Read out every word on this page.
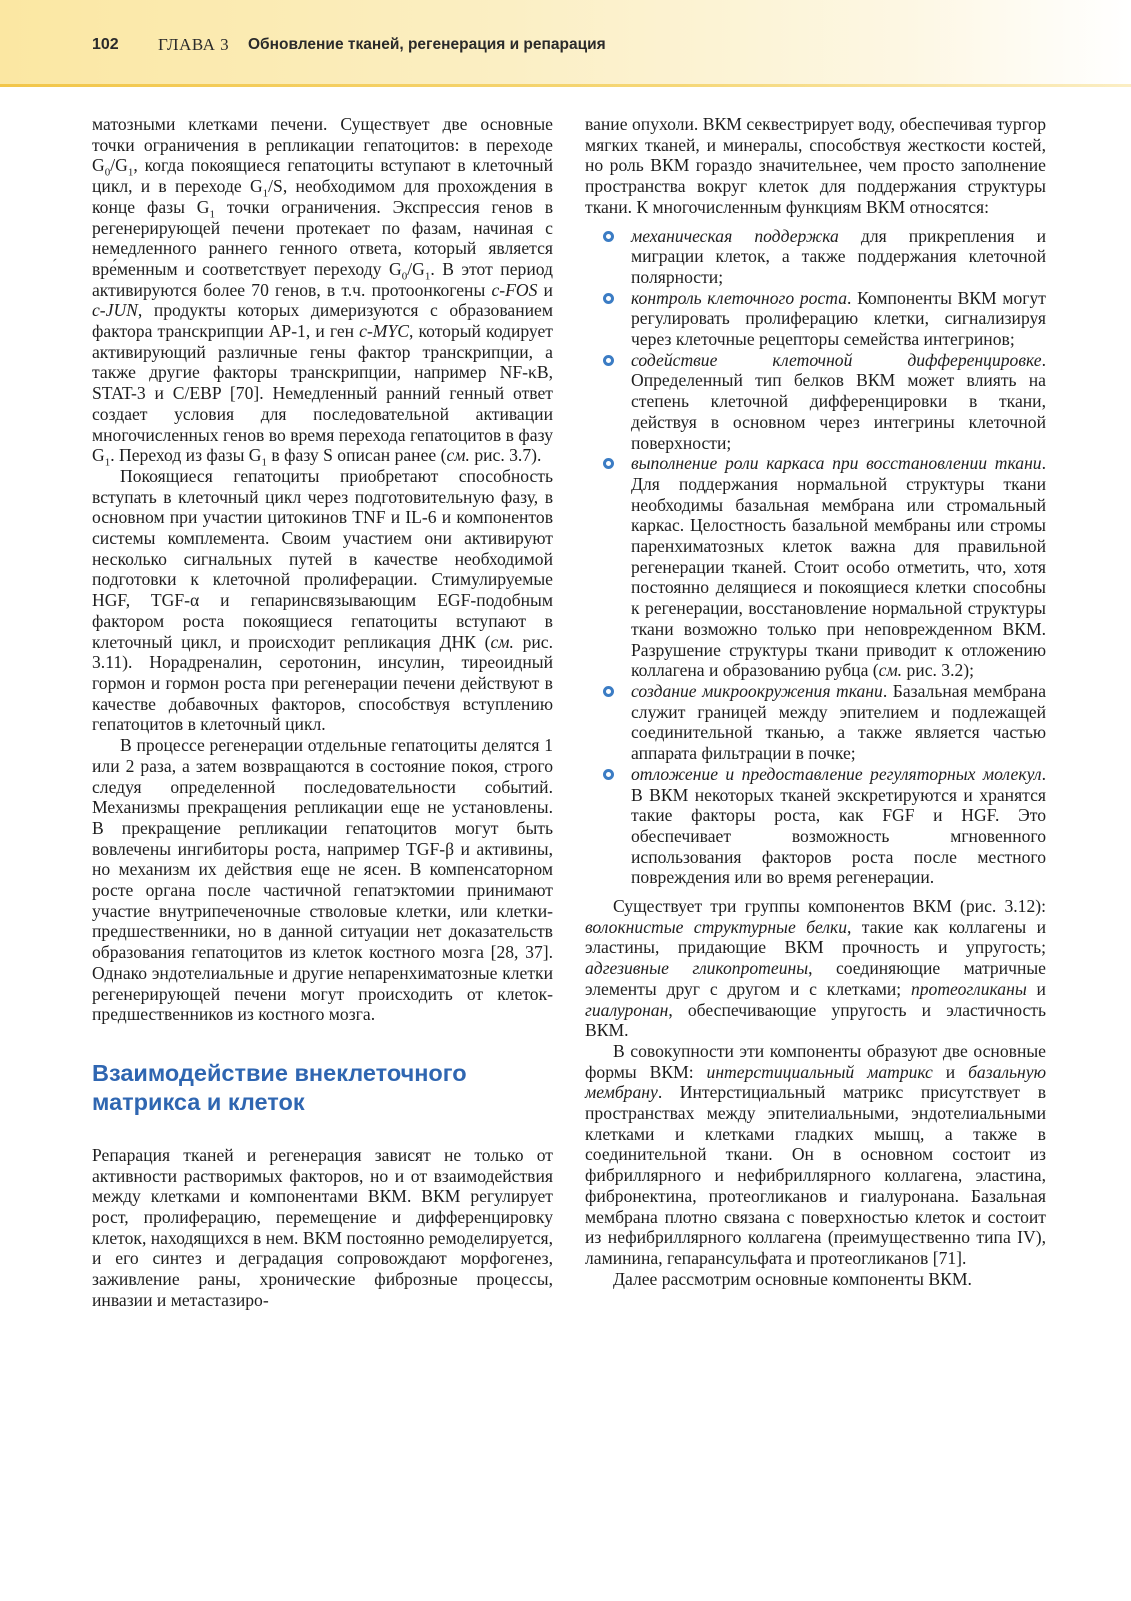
102 ГЛАВА 3 Обновление тканей, регенерация и репарация

матозными клетками печени. Существует две основные точки ограничения в репликации гепатоцитов: в переходе $G_0/G_1$, когда покоящиеся гепатоциты вступают в клеточный цикл, и в переходе $G_1/S$, необходимом для прохождения в конце фазы $G_1$ точки ограничения. Экспрессия генов в регенерирующей печени протекает по фазам, начиная с немедленного раннего генного ответа, который является вре́менным и соответствует переходу $G_0/G_1$. В этот период активируются более 70 генов, в т.ч. протоонкогены c-FOS и c-JUN, продукты которых димеризуются с образованием фактора транскрипции AP-1, и ген c-MYC, который кодирует активирующий различные гены фактор транскрипции, а также другие факторы транскрипции, например NF-κB, STAT-3 и C/EBP [70]. Немедленный ранний генный ответ создает условия для последовательной активации многочисленных генов во время перехода гепатоцитов в фазу $G_1$. Переход из фазы $G_1$ в фазу S описан ранее (см. рис. 3.7).

Покоящиеся гепатоциты приобретают способность вступать в клеточный цикл через подготовительную фазу, в основном при участии цитокинов TNF и IL-6 и компонентов системы комплемента. Своим участием они активируют несколько сигнальных путей в качестве необходимой подготовки к клеточной пролиферации. Стимулируемые HGF, TGF-α и гепаринсвязывающим EGF-подобным фактором роста покоящиеся гепатоциты вступают в клеточный цикл, и происходит репликация ДНК (см. рис. 3.11). Норадреналин, серотонин, инсулин, тиреоидный гормон и гормон роста при регенерации печени действуют в качестве добавочных факторов, способствуя вступлению гепатоцитов в клеточный цикл.

В процессе регенерации отдельные гепатоциты делятся 1 или 2 раза, а затем возвращаются в состояние покоя, строго следуя определенной последовательности событий. Механизмы прекращения репликации еще не установлены. В прекращение репликации гепатоцитов могут быть вовлечены ингибиторы роста, например TGF-β и активины, но механизм их действия еще не ясен. В компенсаторном росте органа после частичной гепатэктомии принимают участие внутрипеченочные стволовые клетки, или клетки-предшественники, но в данной ситуации нет доказательств образования гепатоцитов из клеток костного мозга [28, 37]. Однако эндотелиальные и другие непаренхиматозные клетки регенерирующей печени могут происходить от клеток-предшественников из костного мозга.

Взаимодействие внеклеточного матрикса и клеток

Репарация тканей и регенерация зависят не только от активности растворимых факторов, но и от взаимодействия между клетками и компонентами ВКМ. ВКМ регулирует рост, пролиферацию, перемещение и дифференцировку клеток, находящихся в нем. ВКМ постоянно ремоделируется, и его синтез и деградация сопровождают морфогенез, заживление раны, хронические фиброзные процессы, инвазии и метастазиро-

вание опухоли. ВКМ секвестрирует воду, обеспечивая тургор мягких тканей, и минералы, способствуя жесткости костей, но роль ВКМ гораздо значительнее, чем просто заполнение пространства вокруг клеток для поддержания структуры ткани. К многочисленным функциям ВКМ относятся:

механическая поддержка для прикрепления и миграции клеток, а также поддержания клеточной полярности;

контроль клеточного роста. Компоненты ВКМ могут регулировать пролиферацию клетки, сигнализируя через клеточные рецепторы семейства интегринов;

содействие клеточной дифференцировке. Определенный тип белков ВКМ может влиять на степень клеточной дифференцировки в ткани, действуя в основном через интегрины клеточной поверхности;

выполнение роли каркаса при восстановлении ткани. Для поддержания нормальной структуры ткани необходимы базальная мембрана или стромальный каркас. Целостность базальной мембраны или стромы паренхиматозных клеток важна для правильной регенерации тканей. Стоит особо отметить, что, хотя постоянно делящиеся и покоящиеся клетки способны к регенерации, восстановление нормальной структуры ткани возможно только при неповрежденном ВКМ. Разрушение структуры ткани приводит к отложению коллагена и образованию рубца (см. рис. 3.2);

создание микроокружения ткани. Базальная мембрана служит границей между эпителием и подлежащей соединительной тканью, а также является частью аппарата фильтрации в почке;

отложение и предоставление регуляторных молекул. В ВКМ некоторых тканей экскретируются и хранятся такие факторы роста, как FGF и HGF. Это обеспечивает возможность мгновенного использования факторов роста после местного повреждения или во время регенерации.

Существует три группы компонентов ВКМ (рис. 3.12): волокнистые структурные белки, такие как коллагены и эластины, придающие ВКМ прочность и упругость; адгезивные гликопротеины, соединяющие матричные элементы друг с другом и с клетками; протеогликаны и гиалуронан, обеспечивающие упругость и эластичность ВКМ.

В совокупности эти компоненты образуют две основные формы ВКМ: интерстициальный матрикс и базальную мембрану. Интерстициальный матрикс присутствует в пространствах между эпителиальными, эндотелиальными клетками и клетками гладких мышц, а также в соединительной ткани. Он в основном состоит из фибриллярного и нефибриллярного коллагена, эластина, фибронектина, протеогликанов и гиалуронана. Базальная мембрана плотно связана с поверхностью клеток и состоит из нефибриллярного коллагена (преимущественно типа IV), ламинина, гепарансульфата и протеогликанов [71].

Далее рассмотрим основные компоненты ВКМ.
